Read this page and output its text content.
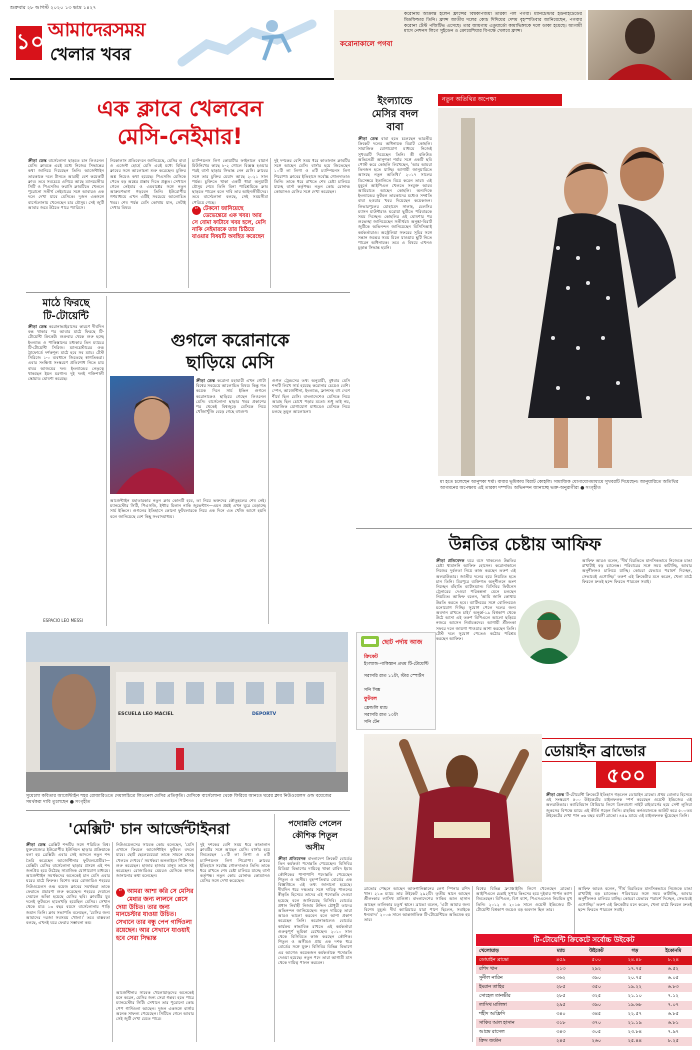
শুক্রবার ২৮ আগস্ট ২০২০ ১৩ ভাদ্র ১৪২৭
১০ আমাদেরসময়
খেলার খবর
করোনাকালে পগবা
করোনায় আক্রান্ত হলেন ফ্রান্সের বিশ্বকাপজয়ী তারকা পল পগবা। ম্যানচেস্টার ইউনাইটেডের মিডফিল্ডার তিনি। ফ্রান্স জাতীয় দলের কোচ দিদিয়ের দেশম বৃহস্পতিবার জানিয়েছেন, পগবার করোনা টেস্ট পজিটিভ এসেছে। তার জায়গায় এডুয়ার্ডো কামাভিঙ্গাকে দলে ডাকা হয়েছে। আগামী মাসে নেশনস লিগে সুইডেন ও ক্রোয়েশিয়ার বিপক্ষে খেলবে ফ্রান্স।
এক ক্লাবে খেলবেন
মেসি-নেইমার!
ক্রীড়া ডেস্ক বার্সেলোনা ছাড়তে চান লিওনেল মেসি। ক্লাবকে এরই মধ্যে নিজের সিদ্ধান্তের কথা জানিয়ে দিয়েছেন তিনি। আর্জেন্টাইন তারকাকে দলে টানতে আগ্রহী বেশ কয়েকটি ক্লাব। তবে সবচেয়ে এগিয়ে আছে ম্যানচেস্টার সিটি ও পিএসজি। ফরাসি ক্লাবটিতে খেললে পুরোনো সতীর্থ নেইমারের সঙ্গে আবারও এক দলে দেখা যাবে মেসিকে। দুজন একসঙ্গে বার্সেলোনায় খেলেছেন চার মৌসুম। সেই জুটি আবার জমে উঠতে পারে প্যারিসে।
নিকোলাস প্রতিবেদনে জানিয়েছে, মেসির বাবা ও এজেন্ট হোর্হে মেসি এরই মধ্যে বিভিন্ন ক্লাবের সঙ্গে আলোচনা শুরু করেছেন। চুক্তির অঙ্ক নিয়েও কথা হয়েছে। পিএসজি মেসিকে পেতে বড় অঙ্কের প্রস্তাব দিতে প্রস্তুত। সেখানে গেলে নেইমার ও এমবাপ্পের সঙ্গে নতুন আক্রমণভাগ গড়বেন তিনি। ইউরোপীয় গণমাধ্যমে এখন এটিই সবচেয়ে আলোচিত খবর। শেষ পর্যন্ত মেসি কোথায় যান, সেটাই দেখার বিষয়।
চ্যাম্পিয়নস লিগ কোয়ার্টার ফাইনালে বায়ার্ন মিউনিখের কাছে ৮-২ গোলে বিধ্বস্ত হওয়ার পরই বার্সা ছাড়ার সিদ্ধান্ত নেন মেসি। ক্লাবের সঙ্গে তার চুক্তির মেয়াদ আছে ২০২১ সাল পর্যন্ত। চুক্তিতে থাকা একটি ধারা অনুযায়ী মৌসুম শেষে তিনি বিনা পারিশ্রমিকে ক্লাব ছাড়তে পারেন বলে দাবি তার আইনজীবীদের। তবে বার্সেলোনা বলছে, সেই সময়সীমা পেরিয়ে গেছে।
“ টেকনো জানিয়েছে ডেভেন্তেরে এক খবর। আর সে বোমা ফাটাবে খবর হলে, মেসি নাকি নেইমারকে তার চিঠিতে যাওয়ার বিষয়টি অবহিত করেছেন
দুই দশকের বেশি সময় ধরে কাতালান ক্লাবটির সঙ্গে আছেন মেসি। বার্সার হয়ে জিতেছেন ১০টি লা লিগা ও ৪টি চ্যাম্পিয়নস লিগ শিরোপা। ক্লাবের ইতিহাসে সর্বোচ্চ গোলদাতাও তিনি। তাকে ধরে রাখতে শেষ চেষ্টা চালিয়ে যাচ্ছে বার্সা কর্তৃপক্ষ। নতুন কোচ রোনাল্ড কোম্যানও মেসির সঙ্গে দেখা করেছেন।
মাঠে ফিরছে
টি-টোয়েন্টি
ক্রীড়া ডেস্ক করোনাভাইরাসের কারণে দীর্ঘদিন বন্ধ থাকার পর আবার মাঠে ফিরছে টি-টোয়েন্টি ক্রিকেট। শুক্রবার থেকে শুরু হচ্ছে ইংল্যান্ড ও পাকিস্তানের মধ্যকার তিন ম্যাচের টি-টোয়েন্টি সিরিজ। ম্যানচেস্টারের ওল্ড ট্রাফোর্ডে দর্শকশূন্য মাঠে হবে সব ম্যাচ। টেস্ট সিরিজে ১-০ ব্যবধানে জিতেছে স্বাগতিকরা। এবার সংক্ষিপ্ত সংস্করণে প্রতিশোধ নিতে চায় বাবর আজমের দল। ইংল্যান্ডের নেতৃত্বে থাকছেন ইয়ন মরগান। দুই দলই শক্তিশালী স্কোয়াড ঘোষণা করেছে।
গুগলে করোনাকে
ছাড়িয়ে মেসি
ক্রীড়া ডেস্ক করোনা মহামারী এখন গোটা বিশ্বের সবচেয়ে আলোচিত বিষয়। কিন্তু গত কয়েক দিনে সার্চ ইঞ্জিন গুগলে করোনাকেও ছাড়িয়ে গেছেন লিওনেল মেসি। বার্সেলোনা ছাড়ার খবর প্রকাশের পর থেকেই বিশ্বজুড়ে মেসিকে নিয়ে খোঁজাখুঁজি বেড়ে গেছে বহুগুণ।
গুগল ট্রেন্ডসের তথ্য অনুযায়ী, বুধবার মেসি শব্দটি লিখে সার্চ হয়েছে করোনার চেয়েও বেশি। স্পেন, আর্জেন্টিনা, ইংল্যান্ড, ফ্রান্সসহ বহু দেশে শীর্ষে ছিল মেসি। বাংলাদেশেও মেসিকে নিয়ে আগ্রহ ছিল চোখে পড়ার মতো। শুধু তাই নয়, সামাজিক যোগাযোগ মাধ্যমেও মেসিকে নিয়ে চলছে তুমুল আলোচনা।
আর্জেন্টাইন মহাতারকার নতুন ক্লাব কোনটি হবে, তা নিয়ে ভক্তদের কৌতূহলের শেষ নেই। ম্যানচেস্টার সিটি, পিএসজি, ইন্টার মিলান নাকি জুভেন্টাস—এমন প্রশ্নই এখন ঘুরে বেড়াচ্ছে সার্চ ইঞ্জিনে। গুগলের ইতিহাসে কোনো ফুটবলারকে নিয়ে এক দিনে এত খোঁজ আগে হয়নি বলে জানিয়েছে বেশ কিছু সংবাদমাধ্যম।
ইংল্যান্ডে
মেসির বদল
বাবা
ক্রীড়া ডেস্ক বাবা হতে চলেছেন ভারতীয় ক্রিকেট দলের অধিনায়ক বিরাট কোহলি। সামাজিক যোগাযোগ মাধ্যমে নিজেই সুখবরটি দিয়েছেন তিনি। স্ত্রী বলিউড অভিনেত্রী আনুশকা শর্মার সঙ্গে একটি ছবি পোস্ট করে কোহলি লিখেছেন, 'আর আমরা তিনজন হতে যাচ্ছি। আগামী জানুয়ারিতে আসছে নতুন অতিথি।' ২০১৭ সালের ডিসেম্বরে ইতালিতে বিয়ে করেন তারা। এই মুহূর্তে আইপিএল খেলতে সংযুক্ত আরব আমিরাতে আছেন কোহলি। অন্যদিকে ইংল্যান্ডের ফুটবল তারকাদের মধ্যেও সম্প্রতি বাবা হওয়ার খবর দিয়েছেন কয়েকজন। লিভারপুলের মোহামেদ সালাহ, চেলসির ম্যাসন মাউন্টরাও ঘরোয়া ছুটিতে পরিবারকে সময় দিচ্ছেন। কোহলির এই ঘোষণার পর শুভেচ্ছা জানিয়েছেন সতীর্থরা। অনুষ্কা-বিরাট জুটিকে অভিনন্দন জানিয়েছেন বিসিসিআই কর্মকর্তারাও। অস্ট্রেলিয়া সফরের সূচির সঙ্গে সন্তান জন্মের সময় মিলে যাওয়ায় ছুটি নিতে পারেন অধিনায়ক। তবে এ বিষয়ে এখনও চূড়ান্ত সিদ্ধান্ত হয়নি।
নতুন অতিথির অপেক্ষা
মা হতে চলেছেন আনুশকা শর্মা। বাবার ভূমিকায় বিরাট কোহলি। সামাজিক যোগাযোগমাধ্যমে সুখবরটি দিয়েছেন। জানুয়ারিতে অতিথির আগমনের অপেক্ষায় এই তারকা দম্পতি। অভিনন্দন জানাচ্ছে ভক্ত-অনুরাগীরা ● সংগৃহীত
উন্নতির চেষ্টায় আফিফ
ক্রীড়া প্রতিবেদক ঘরে বসে থাকলেও উন্নতির চেষ্টা থামাননি আফিফ হোসেন। করোনাকালে নিজের দুর্বলতা নিয়ে কাজ করছেন তরুণ এই অলরাউন্ডার। জাতীয় দলের হয়ে নিয়মিত হতে চান তিনি। মিরপুরে ব্যক্তিগত অনুশীলনে অংশ নিচ্ছেন বাঁহাতি ব্যাটসম্যান। বিসিবির ফিটনেস ট্রেনারের দেওয়া পরিকল্পনা মেনে চলছেন নিয়মিত। আফিফ বলেন, 'আমি জানি কোথায় উন্নতি করতে হবে। ব্যাটিংয়ের সঙ্গে বোলিংয়েও মনোযোগ দিচ্ছি। সুযোগ পেলে দলের জন্য অবদান রাখতে চাই।' অনূর্ধ্ব-১৯ বিশ্বকাপ থেকে উঠে আসা এই তরুণ বিপিএলে আলো ছড়িয়ে নজরে আসেন নির্বাচকদের। আগামী শ্রীলংকা সফরে দলে জায়গা পাওয়ার আশা করছেন তিনি। টেস্ট দলে সুযোগ পেতেও কঠোর পরিশ্রম করছেন আফিফ।
আফিফ আরও বলেন, 'দীর্ঘ বিরতিতে মানসিকভাবে নিজেকে চাঙা রাখাটাই বড় চ্যালেঞ্জ। পরিবারের সঙ্গে সময় কাটাচ্ছি, আবার অনুশীলনও চালিয়ে যাচ্ছি। কোচরা যেভাবে পরামর্শ দিচ্ছেন, সেভাবেই এগোচ্ছি।' তরুণ এই ক্রিকেটার মনে করেন, খেলা মাঠে ফিরলে দ্রুতই ছন্দে ফিরতে পারবেন সবাই।
ছোট পর্দায় আজ
ক্রিকেট
ইংল্যান্ড-পাকিস্তান প্রথম টি-টোয়েন্টি
সরাসরি রাত ১১টা, স্টার স্পোর্টস
সনি সিক্স
ফুটবল
ফ্রেন্ডলি ম্যাচ
সরাসরি রাত ১০টা
সনি টেন
ESPACIO LEO MESSI
ESCUELA LEO MACIEL	DEPORTV
সুয়েলো কবিতার আর্জেন্টাইন শহর রোজারিওতে দেয়ালচিত্রে লিওনেল মেসির প্রতিকৃতি। মেসিকে বার্সেলোনা থেকে ফিরিয়ে আনতে ঘরের ক্লাব নিউওয়েলস ওল্ড বয়েজের সমর্থকরা দাবি তুলেছেন ● সংগৃহীত
'মেক্সিট' চান আর্জেন্টাইনরা
ক্রীড়া ডেস্ক ব্রেক্সিট শব্দটির সঙ্গে পরিচিত বিশ্ব। যুক্তরাজ্যের ইউরোপীয় ইউনিয়ন ছাড়ার প্রক্রিয়াকে বলা হয় ব্রেক্সিট। এবার সেই আদলে নতুন শব্দ তৈরি করেছেন আর্জেন্টিনার ফুটবলপ্রেমীরা—মেক্সিট। মেসির বার্সেলোনা ছাড়ার প্রসঙ্গে এই শব্দ জনপ্রিয় হয়ে উঠেছে সামাজিক যোগাযোগ মাধ্যমে। আর্জেন্টাইন সমর্থকদের অনেকেই চান মেসি এবার ঘরের মাঠে ফিরুক। বিশেষ করে রোজারিও শহরের নিউওয়েলস ওল্ড বয়েজ ক্লাবের সমর্থকরা তাকে ফেরাতে প্রচারণা শুরু করেছেন। শহরের দেয়ালে দেয়ালে আঁকা হয়েছে মেসির ছবি। ক্লাবটির যুব দলেই ফুটবলে হাতেখড়ি হয়েছিল মেসির। সেখান থেকে মাত্র ১৩ বছর বয়সে বার্সেলোনায় পাড়ি জমান তিনি। ক্লাব সভাপতি বলেছেন, 'মেসির জন্য আমাদের দরজা সবসময় খোলা।' তবে বাস্তবতা বলছে, এখনই ঘরে ফেরার সম্ভাবনা কম।
নিউওয়েলসের সাবেক কোচ বলেছেন, 'মেসি এখানে ফিরলে আর্জেন্টাইন ফুটবল বদলে যাবে। ছোট ছেলেমেয়েরা তাকে সামনে থেকে খেলতে দেখবে।' সমর্থকরা অনলাইনে পিটিশনও শুরু করেছেন। হাজার হাজার মানুষ তাতে সই করেছেন। রোজারিওর মেয়রও মেসিকে স্বাগত জানানোর কথা বলেছেন।
“ আমরা আশা করি সে মেসির মেধার জন্য লালনে প্লেসে দেয়া উচিত। তার জন্য মানচেস্টার যাওয়া উচিত। সেখানে তার বন্ধু পেপ গার্দিওলা রয়েছেন। আর সেখানে যাওয়াই হবে সেরা সিদ্ধান্ত
আর্জেন্টিনার সাবেক খেলোয়াড়দের অনেকেই মনে করেন, মেসির জন্য সেরা গন্তব্য হতে পারে ম্যানচেস্টার সিটি। সেখানে তার পুরোনো কোচ পেপ গার্দিওলা আছেন। দুজন একসঙ্গে বার্সায় অনেক সাফল্য পেয়েছেন। সিটিতে গেলে আবার সেই জুটি দেখা যেতে পারে।
দুই দশকের বেশি সময় ধরে কাতালান ক্লাবটির সঙ্গে আছেন মেসি। বার্সার হয়ে জিতেছেন ১০টি লা লিগা ও ৪টি চ্যাম্পিয়নস লিগ শিরোপা। ক্লাবের ইতিহাসে সর্বোচ্চ গোলদাতাও তিনি। তাকে ধরে রাখতে শেষ চেষ্টা চালিয়ে যাচ্ছে বার্সা কর্তৃপক্ষ। নতুন কোচ রোনাল্ড কোম্যানও মেসির সঙ্গে দেখা করেছেন।
পদোন্নতি পেলেন
কৌশিক শিতুল
অসীম
ক্রীড়া প্রতিবেদক বাংলাদেশ ক্রিকেট বোর্ডের তিন কর্মকর্তা পদোন্নতি পেয়েছেন। বিসিবির মিডিয়া বিভাগের দায়িত্বে থাকা রাবিদ ইমাম কৌশিকের পাশাপাশি পদোন্নতি পেয়েছেন শিতুল ও অসীম। বৃহস্পতিবার বোর্ডের এক বিজ্ঞপ্তিতে এই তথ্য জানানো হয়েছে। দীর্ঘদিন ধরে দক্ষতার সঙ্গে দায়িত্ব পালনের স্বীকৃতি হিসেবে তাদের এই পদোন্নতি দেওয়া হয়েছে বলে জানিয়েছে বিসিবি। বোর্ডের প্রধান নির্বাহী নিজাম উদ্দিন চৌধুরী তাদের অভিনন্দন জানিয়েছেন। নতুন দায়িত্বে তারা আরও ভালো করবেন বলে আশা প্রকাশ করেছেন তিনি। করোনাকালেও বোর্ডের কার্যক্রম স্বাভাবিক রাখতে এই কর্মকর্তারা গুরুত্বপূর্ণ ভূমিকা রেখেছেন। ২০১০ সাল থেকে বিসিবিতে কাজ করছেন কৌশিক। শিতুল ও অসীমও প্রায় এক দশক ধরে বোর্ডের সঙ্গে যুক্ত। বিসিবির বিভিন্ন বিভাগে এর আগেও কয়েকজন কর্মকর্তাকে পদোন্নতি দেওয়া হয়েছে। নতুন পদে তারা আগামী মাস থেকে দায়িত্ব পালন করবেন।
ডোয়াইন ব্রাভোর
৫০০
ক্রীড়া ডেস্ক টি-টোয়েন্টি ক্রিকেটে ইতিহাস গড়লেন ডোয়াইন ব্রাভো। প্রথম বোলার হিসেবে এই সংস্করণে ৫০০ উইকেটের মাইলফলক স্পর্শ করেছেন ওয়েস্ট ইন্ডিজের এই অলরাউন্ডার। ক্যারিবিয়ান প্রিমিয়ার লিগে ত্রিনবাগো নাইট রাইডার্সের হয়ে সেন্ট লুসিয়া জুকসের বিপক্ষে ম্যাচে এই কীর্তি গড়েন তিনি। রাহকিম কর্নওয়ালকে আউট করে ৫০০তম উইকেটের দেখা পান ৩৬ বছর বয়সী ব্রাভো। ৪৫৯ ম্যাচে এই মাইলফলক ছুঁয়েছেন তিনি।
ব্রাভোর পেছনে আছেন আফগানিস্তানের লেগ স্পিনার রশিদ খান। ২১৩ ম্যাচে তার উইকেট ২৯২টি। তৃতীয় স্থানে আছেন শ্রীলংকার লাসিথ মালিঙ্গা। বাংলাদেশের সাকিব আল হাসান আছেন তালিকার চতুর্থ স্থানে। ব্রাভো বলেন, 'এটা আমার জন্য বিশেষ মুহূর্ত। দীর্ঘ ক্যারিয়ারে যারা পাশে ছিলেন, সবাইকে ধন্যবাদ।' ২০০৬ সালে আন্তর্জাতিক টি-টোয়েন্টিতে অভিষেক হয় তার।
বিশ্বের বিভিন্ন ফ্র্যাঞ্চাইজি লিগে খেলেছেন ব্রাভো। আইপিএলে চেন্নাই সুপার কিংসের হয়ে দুইবার পার্পল ক্যাপ জিতেছেন। বিপিএল, বিগ ব্যাশ, পিএসএলেও নিয়মিত মুখ তিনি। ২০১২ ও ২০১৬ সালে ওয়েস্ট ইন্ডিজের টি-টোয়েন্টি বিশ্বকাপ জয়েও বড় অবদান ছিল তার।
আফিফ আরও বলেন, 'দীর্ঘ বিরতিতে মানসিকভাবে নিজেকে চাঙা রাখাটাই বড় চ্যালেঞ্জ। পরিবারের সঙ্গে সময় কাটাচ্ছি, আবার অনুশীলনও চালিয়ে যাচ্ছি। কোচরা যেভাবে পরামর্শ দিচ্ছেন, সেভাবেই এগোচ্ছি।' তরুণ এই ক্রিকেটার মনে করেন, খেলা মাঠে ফিরলে দ্রুতই ছন্দে ফিরতে পারবেন সবাই।
টি-টোয়েন্টি ক্রিকেটে সর্বোচ্চ উইকেট
খেলোয়াড়	ম্যাচ	উইকেট	গড়	ইকোনমি
ডোয়াইন ব্রাভো	৪৫৯	৫০০	২৪.৪৮	৮.২৪
রশিদ খান	২১৩	২৯২	১৭.৭৫	৬.৫২
সুনীল নারিন	৩৬২	৩৯০	২০.৭৫	৬.০৫
ইমরান তাহির	২৮৫	৩৫০	১৯.২২	৬.৮৩
সোহেল তানভীর	২৮৫	৩২৫	২১.১০	৭.১২
লাসিথ মালিঙ্গা	২৯৫	৩৯০	১৯.৬৮	৭.০৭
শহীদ আফ্রিদি	৩৪০	৩৪৫	২২.৫৭	৬.৮৫
সাকিব আল হাসান	৩১৮	৩৭০	২১.১৯	৬.৮১
আন্দ্রে রাসেল	৩৪৩	৩০৫	২৩.৮৪	৭.৯৭
ক্রিস জর্ডান	২৪৫	২৬০	২৫.৪৪	৮.২৫
